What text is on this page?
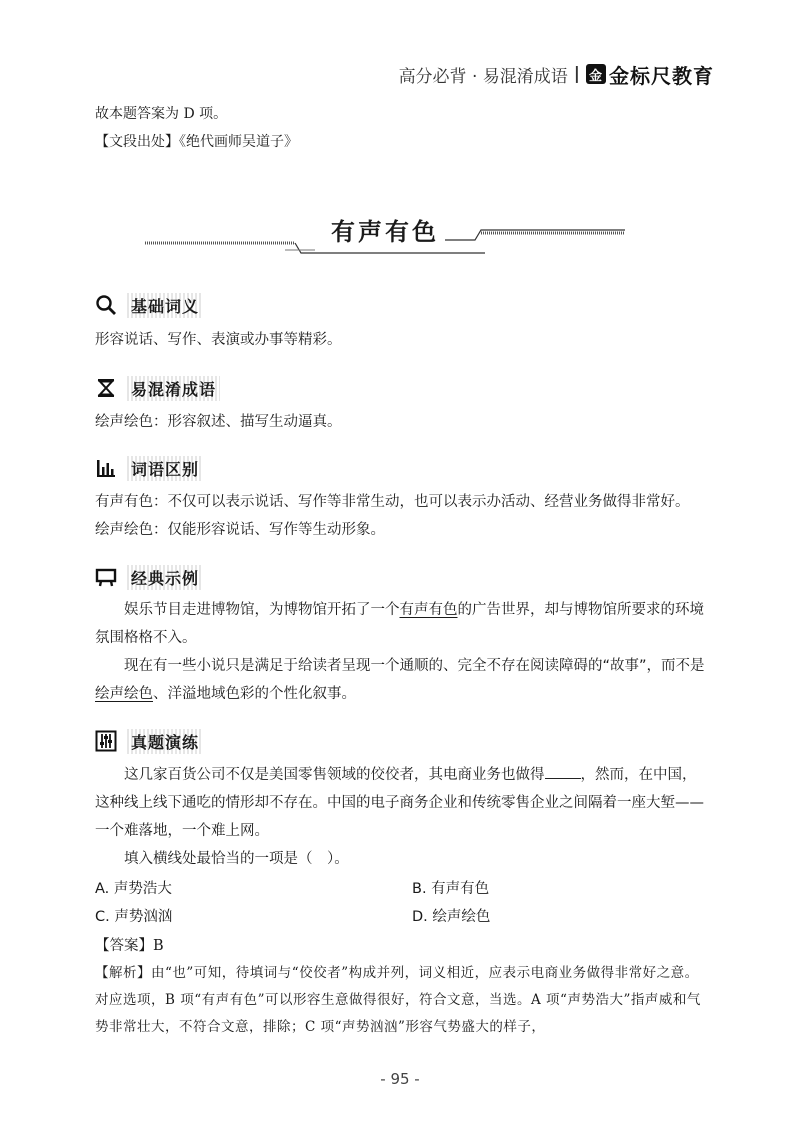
高分必背 · 易混淆成语 | 金 金标尺教育
故本题答案为 D 项。
【文段出处】《绝代画师吴道子》
有声有色
基础词义
形容说话、写作、表演或办事等精彩。
易混淆成语
绘声绘色：形容叙述、描写生动逼真。
词语区别
有声有色：不仅可以表示说话、写作等非常生动，也可以表示办活动、经营业务做得非常好。
绘声绘色：仅能形容说话、写作等生动形象。
经典示例
娱乐节目走进博物馆，为博物馆开拓了一个有声有色的广告世界，却与博物馆所要求的环境氛围格格不入。
现在有一些小说只是满足于给读者呈现一个通顺的、完全不存在阅读障碍的“故事”，而不是绘声绘色、洋溢地域色彩的个性化叙事。
真题演练
这几家百货公司不仅是美国零售领域的佼佼者，其电商业务也做得 ，然而，在中国，这种线上线下通吃的情形却不存在。中国的电子商务企业和传统零售企业之间隔着一座大堑——一个难落地，一个难上网。
填入横线处最恰当的一项是（　）。
A. 声势浩大	B. 有声有色
C. 声势汹汹	D. 绘声绘色
【答案】B
【解析】由“也”可知，待填词与“佼佼者”构成并列，词义相近，应表示电商业务做得非常好之意。对应选项，B 项“有声有色”可以形容生意做得很好，符合文意，当选。A 项“声势浩大”指声威和气势非常壮大，不符合文意，排除；C 项“声势汹汹”形容气势盛大的样子，
- 95 -
